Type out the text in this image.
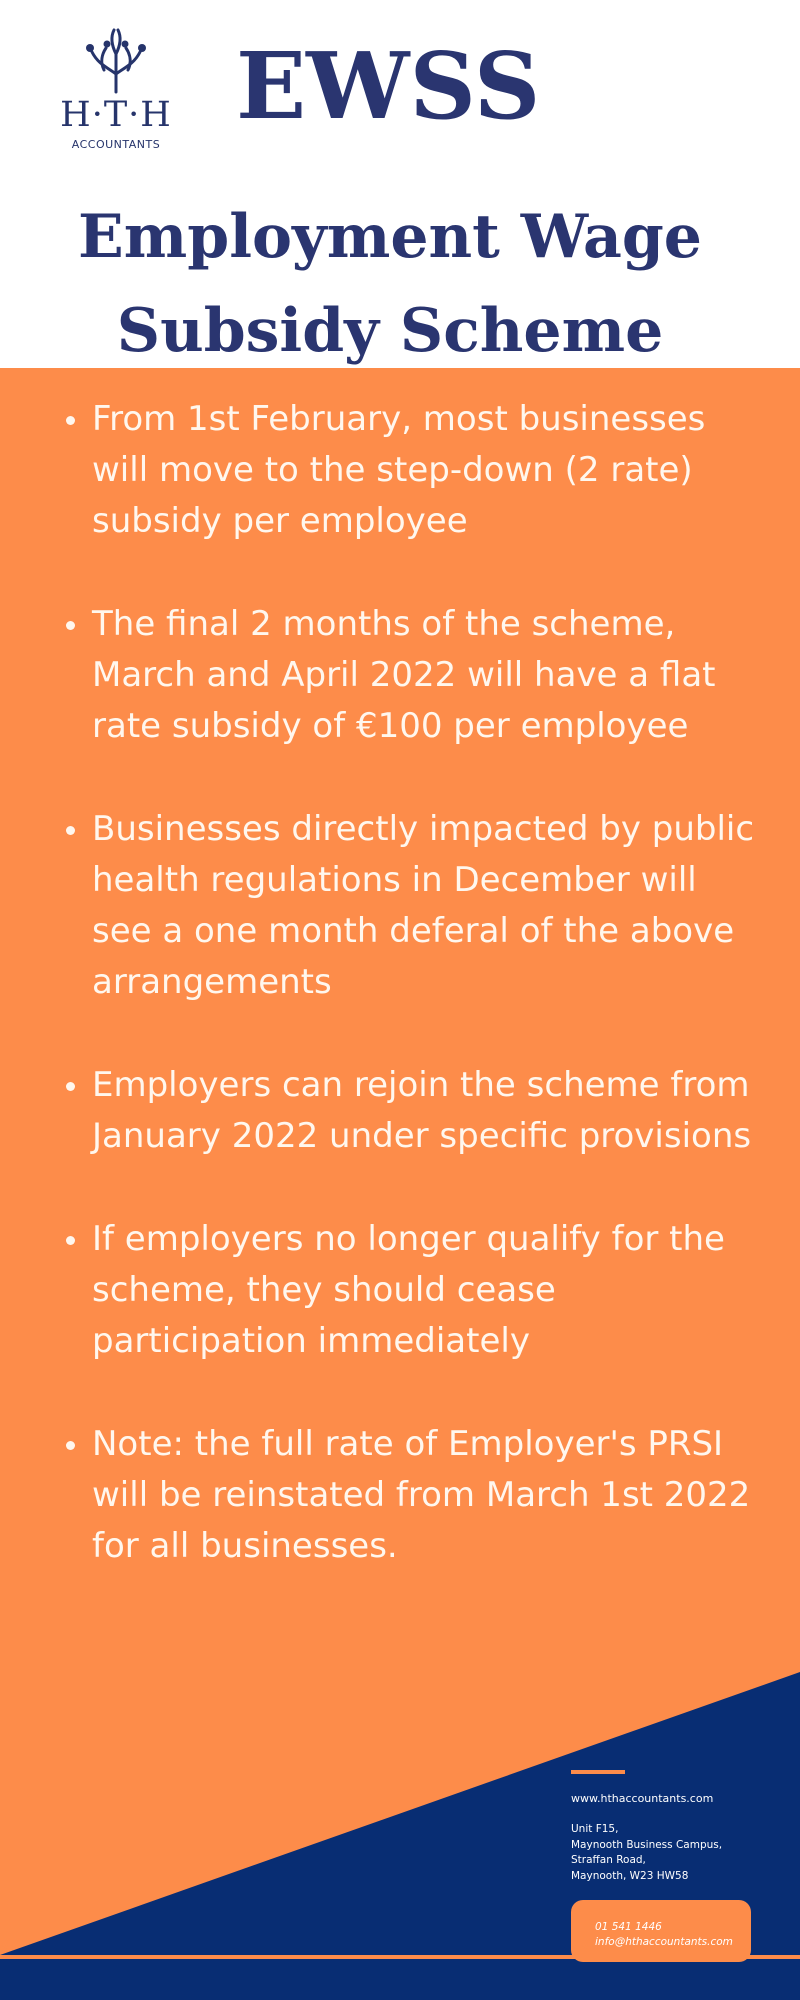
H·T·H
ACCOUNTANTS
EWSS
Employment Wage
Subsidy Scheme
From 1st February, most businesses will move to the step-down (2 rate) subsidy per employee
The final 2 months of the scheme, March and April 2022 will have a flat rate subsidy of €100 per employee
Businesses directly impacted by public health regulations in December will see a one month deferal of the above arrangements
Employers can rejoin the scheme from January 2022 under specific provisions
If employers no longer qualify for the scheme, they should cease participation immediately
Note: the full rate of Employer's PRSI will be reinstated from March 1st 2022 for all businesses.
www.hthaccountants.com
Unit F15,
Maynooth Business Campus,
Straffan Road,
Maynooth, W23 HW58
01 541 1446
info@hthaccountants.com
